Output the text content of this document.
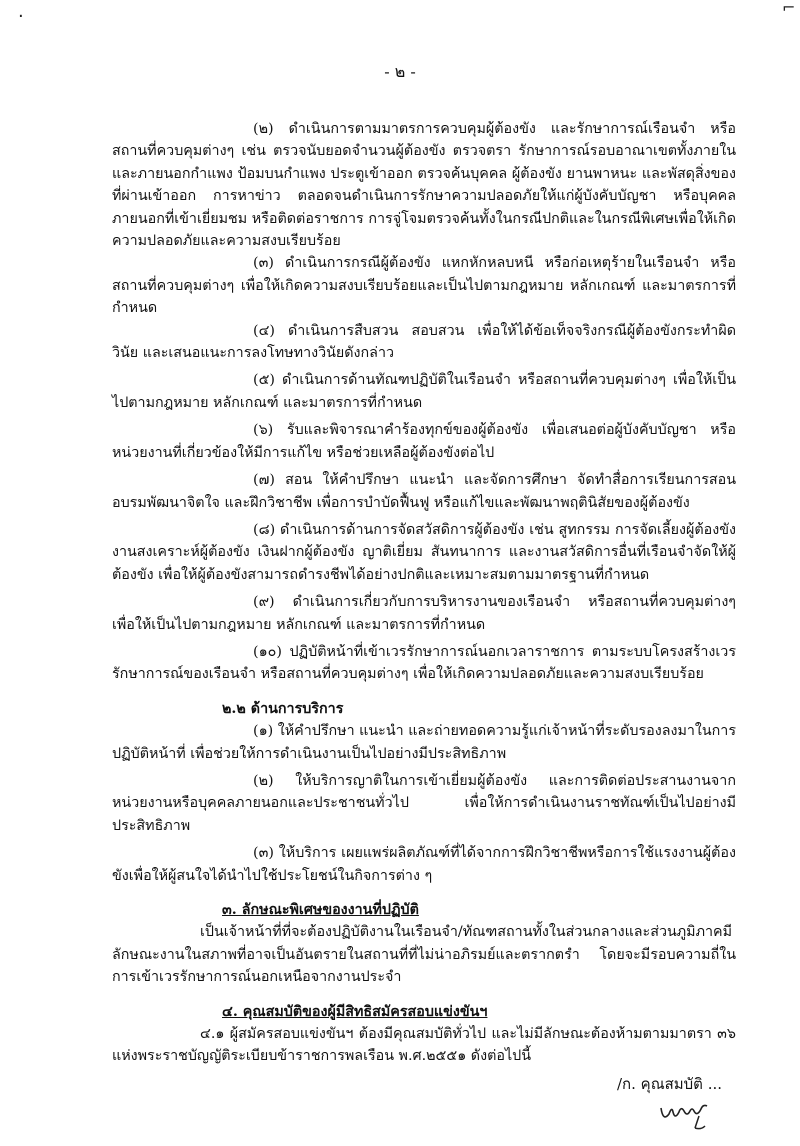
·	⌐
- ๒ -

(๒) ดำเนินการตามมาตรการควบคุมผู้ต้องขัง และรักษาการณ์เรือนจำ หรือสถานที่ควบคุมต่างๆ เช่น ตรวจนับยอดจำนวนผู้ต้องขัง ตรวจตรา รักษาการณ์รอบอาณาเขตทั้งภายในและภายนอกกำแพง ป้อมบนกำแพง ประตูเข้าออก ตรวจค้นบุคคล ผู้ต้องขัง ยานพาหนะ และพัสดุสิ่งของที่ผ่านเข้าออก การหาข่าว ตลอดจนดำเนินการรักษาความปลอดภัยให้แก่ผู้บังคับบัญชา หรือบุคคลภายนอกที่เข้าเยี่ยมชม หรือติดต่อราชการ การจู่โจมตรวจค้นทั้งในกรณีปกติและในกรณีพิเศษเพื่อให้เกิดความปลอดภัยและความสงบเรียบร้อย

(๓) ดำเนินการกรณีผู้ต้องขัง แหกหักหลบหนี หรือก่อเหตุร้ายในเรือนจำ หรือสถานที่ควบคุมต่างๆ เพื่อให้เกิดความสงบเรียบร้อยและเป็นไปตามกฎหมาย หลักเกณฑ์ และมาตรการที่กำหนด

(๔) ดำเนินการสืบสวน สอบสวน เพื่อให้ได้ข้อเท็จจริงกรณีผู้ต้องขังกระทำผิดวินัย และเสนอแนะการลงโทษทางวินัยดังกล่าว

(๕) ดำเนินการด้านทัณฑปฏิบัติในเรือนจำ หรือสถานที่ควบคุมต่างๆ เพื่อให้เป็นไปตามกฎหมาย หลักเกณฑ์ และมาตรการที่กำหนด

(๖) รับและพิจารณาคำร้องทุกข์ของผู้ต้องขัง เพื่อเสนอต่อผู้บังคับบัญชา หรือหน่วยงานที่เกี่ยวข้องให้มีการแก้ไข หรือช่วยเหลือผู้ต้องขังต่อไป

(๗) สอน ให้คำปรึกษา แนะนำ และจัดการศึกษา จัดทำสื่อการเรียนการสอน อบรมพัฒนาจิตใจ และฝึกวิชาชีพ เพื่อการบำบัดฟื้นฟู หรือแก้ไขและพัฒนาพฤตินิสัยของผู้ต้องขัง

(๘) ดำเนินการด้านการจัดสวัสดิการผู้ต้องขัง เช่น สูทกรรม การจัดเลี้ยงผู้ต้องขังงานสงเคราะห์ผู้ต้องขัง เงินฝากผู้ต้องขัง ญาติเยี่ยม สันทนาการ และงานสวัสดิการอื่นที่เรือนจำจัดให้ผู้ต้องขัง เพื่อให้ผู้ต้องขังสามารถดำรงชีพได้อย่างปกติและเหมาะสมตามมาตรฐานที่กำหนด

(๙) ดำเนินการเกี่ยวกับการบริหารงานของเรือนจำ หรือสถานที่ควบคุมต่างๆ เพื่อให้เป็นไปตามกฎหมาย หลักเกณฑ์ และมาตรการที่กำหนด

(๑๐) ปฏิบัติหน้าที่เข้าเวรรักษาการณ์นอกเวลาราชการ ตามระบบโครงสร้างเวรรักษาการณ์ของเรือนจำ หรือสถานที่ควบคุมต่างๆ เพื่อให้เกิดความปลอดภัยและความสงบเรียบร้อย

๒.๒ ด้านการบริการ

(๑) ให้คำปรึกษา แนะนำ และถ่ายทอดความรู้แก่เจ้าหน้าที่ระดับรองลงมาในการปฏิบัติหน้าที่ เพื่อช่วยให้การดำเนินงานเป็นไปอย่างมีประสิทธิภาพ

(๒) ให้บริการญาติในการเข้าเยี่ยมผู้ต้องขัง และการติดต่อประสานงานจากหน่วยงานหรือบุคคลภายนอกและประชาชนทั่วไป เพื่อให้การดำเนินงานราชทัณฑ์เป็นไปอย่างมีประสิทธิภาพ

(๓) ให้บริการ เผยแพร่ผลิตภัณฑ์ที่ได้จากการฝึกวิชาชีพหรือการใช้แรงงานผู้ต้องขังเพื่อให้ผู้สนใจได้นำไปใช้ประโยชน์ในกิจการต่าง ๆ

๓. ลักษณะพิเศษของงานที่ปฏิบัติ

เป็นเจ้าหน้าที่ที่จะต้องปฏิบัติงานในเรือนจำ/ทัณฑสถานทั้งในส่วนกลางและส่วนภูมิภาคมีลักษณะงานในสภาพที่อาจเป็นอันตรายในสถานที่ที่ไม่น่าอภิรมย์และตรากตรำ โดยจะมีรอบความถี่ในการเข้าเวรรักษาการณ์นอกเหนือจากงานประจำ

๔. คุณสมบัติของผู้มีสิทธิสมัครสอบแข่งขันฯ

๔.๑ ผู้สมัครสอบแข่งขันฯ ต้องมีคุณสมบัติทั่วไป และไม่มีลักษณะต้องห้ามตามมาตรา ๓๖ แห่งพระราชบัญญัติระเบียบข้าราชการพลเรือน พ.ศ.๒๕๕๑ ดังต่อไปนี้

/ก. คุณสมบัติ ...
